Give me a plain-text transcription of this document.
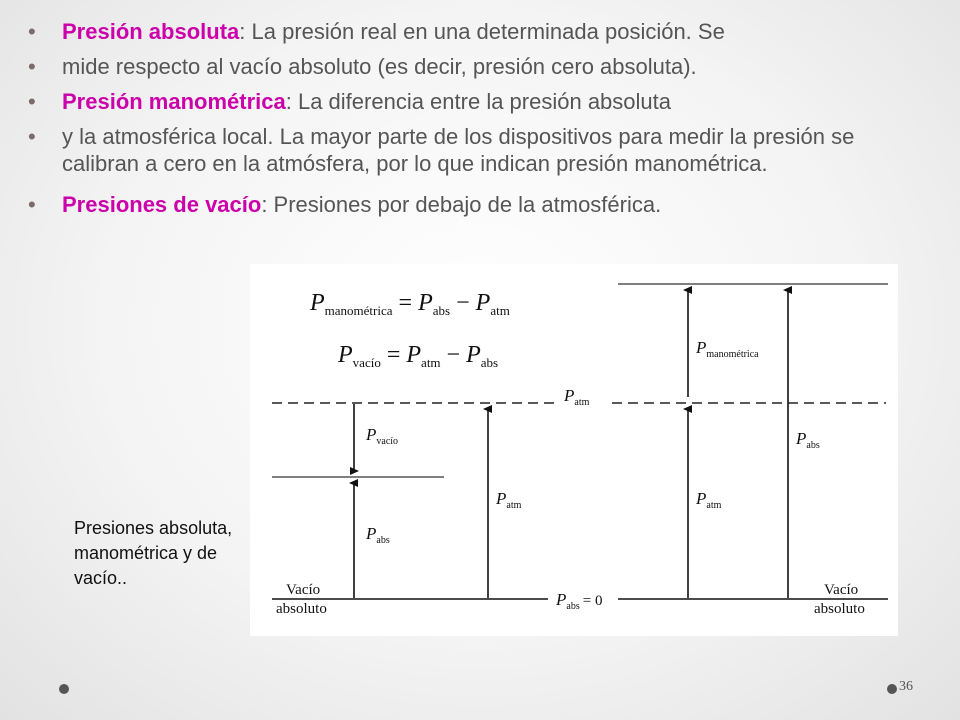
• Presión absoluta: La presión real en una determinada posición. Se
• mide respecto al vacío absoluto (es decir, presión cero absoluta).
• Presión manométrica: La diferencia entre la presión absoluta
• y la atmosférica local. La mayor parte de los dispositivos para medir la presión se calibran a cero en la atmósfera, por lo que indican presión manométrica.
• Presiones de vacío: Presiones por debajo de la atmosférica.
$P_{manométrica} = P_{abs} - P_{atm}$
$P_{vacío} = P_{atm} - P_{abs}$
$P_{atm}$
$P_{vacío}$
$P_{abs}$
$P_{atm}$	$P_{atm}$
$P_{manométrica}$
$P_{abs}$
$P_{abs} = 0$
Vacío
absoluto
Vacío
absoluto
Presiones absoluta, manométrica y de vacío..
36
